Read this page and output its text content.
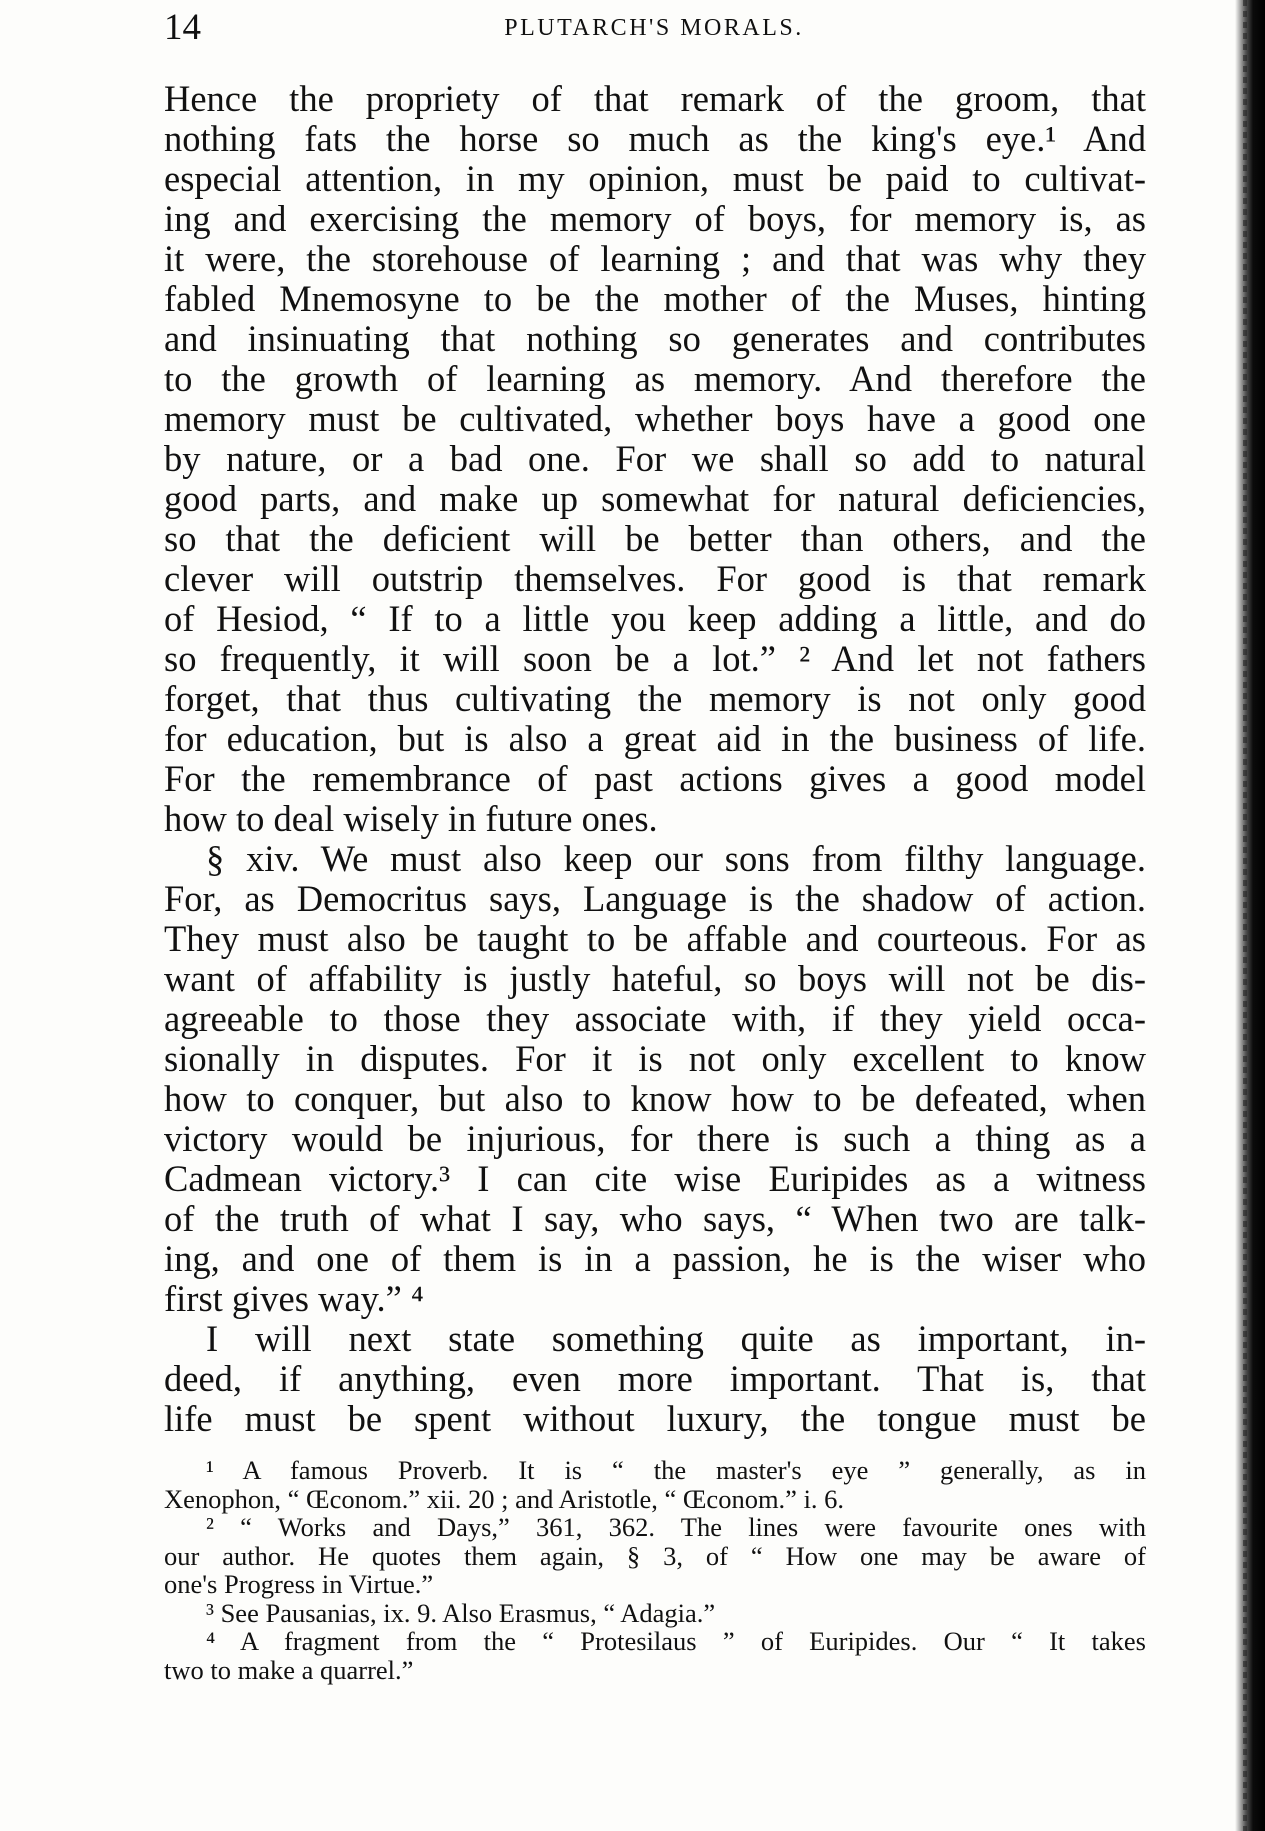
14	PLUTARCH'S MORALS.
Hence the propriety of that remark of the groom, that
nothing fats the horse so much as the king's eye.¹ And
especial attention, in my opinion, must be paid to cultivat-
ing and exercising the memory of boys, for memory is, as
it were, the storehouse of learning ; and that was why they
fabled Mnemosyne to be the mother of the Muses, hinting
and insinuating that nothing so generates and contributes
to the growth of learning as memory. And therefore the
memory must be cultivated, whether boys have a good one
by nature, or a bad one. For we shall so add to natural
good parts, and make up somewhat for natural deficiencies,
so that the deficient will be better than others, and the
clever will outstrip themselves. For good is that remark
of Hesiod, “ If to a little you keep adding a little, and do
so frequently, it will soon be a lot.” ² And let not fathers
forget, that thus cultivating the memory is not only good
for education, but is also a great aid in the business of life.
For the remembrance of past actions gives a good model
how to deal wisely in future ones.
§ xiv. We must also keep our sons from filthy language.
For, as Democritus says, Language is the shadow of action.
They must also be taught to be affable and courteous. For as
want of affability is justly hateful, so boys will not be dis-
agreeable to those they associate with, if they yield occa-
sionally in disputes. For it is not only excellent to know
how to conquer, but also to know how to be defeated, when
victory would be injurious, for there is such a thing as a
Cadmean victory.³ I can cite wise Euripides as a witness
of the truth of what I say, who says, “ When two are talk-
ing, and one of them is in a passion, he is the wiser who
first gives way.” ⁴
I will next state something quite as important, in-
deed, if anything, even more important. That is, that
life must be spent without luxury, the tongue must be
¹ A famous Proverb. It is “ the master's eye ” generally, as in
Xenophon, “ Œconom.” xii. 20 ; and Aristotle, “ Œconom.” i. 6.
² “ Works and Days,” 361, 362. The lines were favourite ones with
our author. He quotes them again, § 3, of “ How one may be aware of
one's Progress in Virtue.”
³ See Pausanias, ix. 9. Also Erasmus, “ Adagia.”
⁴ A fragment from the “ Protesilaus ” of Euripides. Our “ It takes
two to make a quarrel.”
